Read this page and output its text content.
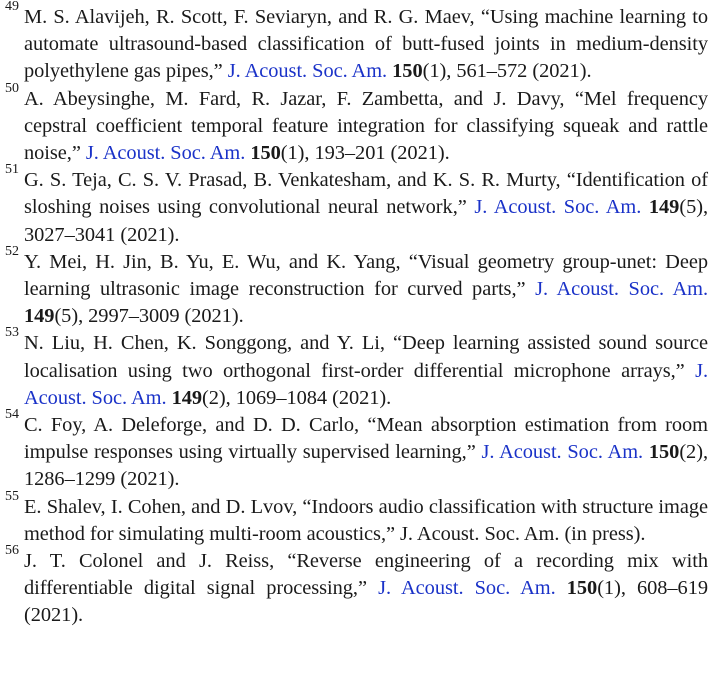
49 M. S. Alavijeh, R. Scott, F. Seviaryn, and R. G. Maev, “Using machine learning to automate ultrasound-based classification of butt-fused joints in medium-density polyethylene gas pipes,” J. Acoust. Soc. Am. 150(1), 561–572 (2021).
50 A. Abeysinghe, M. Fard, R. Jazar, F. Zambetta, and J. Davy, “Mel frequency cepstral coefficient temporal feature integration for classifying squeak and rattle noise,” J. Acoust. Soc. Am. 150(1), 193–201 (2021).
51 G. S. Teja, C. S. V. Prasad, B. Venkatesham, and K. S. R. Murty, “Identification of sloshing noises using convolutional neural network,” J. Acoust. Soc. Am. 149(5), 3027–3041 (2021).
52 Y. Mei, H. Jin, B. Yu, E. Wu, and K. Yang, “Visual geometry group-unet: Deep learning ultrasonic image reconstruction for curved parts,” J. Acoust. Soc. Am. 149(5), 2997–3009 (2021).
53 N. Liu, H. Chen, K. Songgong, and Y. Li, “Deep learning assisted sound source localisation using two orthogonal first-order differential microphone arrays,” J. Acoust. Soc. Am. 149(2), 1069–1084 (2021).
54 C. Foy, A. Deleforge, and D. D. Carlo, “Mean absorption estimation from room impulse responses using virtually supervised learning,” J. Acoust. Soc. Am. 150(2), 1286–1299 (2021).
55 E. Shalev, I. Cohen, and D. Lvov, “Indoors audio classification with structure image method for simulating multi-room acoustics,” J. Acoust. Soc. Am. (in press).
56 J. T. Colonel and J. Reiss, “Reverse engineering of a recording mix with differentiable digital signal processing,” J. Acoust. Soc. Am. 150(1), 608–619 (2021).
